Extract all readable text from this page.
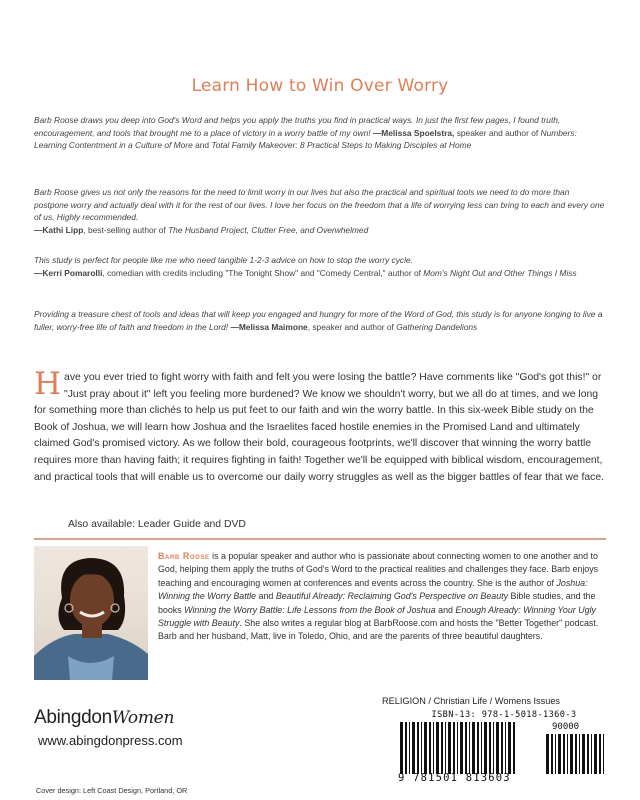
Learn How to Win Over Worry
Barb Roose draws you deep into God's Word and helps you apply the truths you find in practical ways. In just the first few pages, I found truth, encouragement, and tools that brought me to a place of victory in a worry battle of my own! —Melissa Spoelstra, speaker and author of Numbers: Learning Contentment in a Culture of More and Total Family Makeover: 8 Practical Steps to Making Disciples at Home
Barb Roose gives us not only the reasons for the need to limit worry in our lives but also the practical and spiritual tools we need to do more than postpone worry and actually deal with it for the rest of our lives. I love her focus on the freedom that a life of worrying less can bring to each and every one of us. Highly recommended.
—Kathi Lipp, best-selling author of The Husband Project, Clutter Free, and Overwhelmed
This study is perfect for people like me who need tangible 1-2-3 advice on how to stop the worry cycle.
—Kerri Pomarolli, comedian with credits including "The Tonight Show" and "Comedy Central," author of Mom's Night Out and Other Things I Miss
Providing a treasure chest of tools and ideas that will keep you engaged and hungry for more of the Word of God, this study is for anyone longing to live a fuller, worry-free life of faith and freedom in the Lord! —Melissa Maimone, speaker and author of Gathering Dandelions
Have you ever tried to fight worry with faith and felt you were losing the battle? Have comments like "God's got this!" or "Just pray about it" left you feeling more burdened? We know we shouldn't worry, but we all do at times, and we long for something more than clichés to help us put feet to our faith and win the worry battle. In this six-week Bible study on the Book of Joshua, we will learn how Joshua and the Israelites faced hostile enemies in the Promised Land and ultimately claimed God's promised victory. As we follow their bold, courageous footprints, we'll discover that winning the worry battle requires more than having faith; it requires fighting in faith! Together we'll be equipped with biblical wisdom, encouragement, and practical tools that will enable us to overcome our daily worry struggles as well as the bigger battles of fear that we face.
Also available: Leader Guide and DVD
Barb Roose is a popular speaker and author who is passionate about connecting women to one another and to God, helping them apply the truths of God's Word to the practical realities and challenges they face. Barb enjoys teaching and encouraging women at conferences and events across the country. She is the author of Joshua: Winning the Worry Battle and Beautiful Already: Reclaiming God's Perspective on Beauty Bible studies, and the books Winning the Worry Battle: Life Lessons from the Book of Joshua and Enough Already: Winning Your Ugly Struggle with Beauty. She also writes a regular blog at BarbRoose.com and hosts the "Better Together" podcast. Barb and her husband, Matt, live in Toledo, Ohio, and are the parents of three beautiful daughters.
AbingdonWomen
www.abingdonpress.com
Cover design: Left Coast Design, Portland, OR
RELIGION / Christian Life / Womens Issues
ISBN-13: 978-1-5018-1360-3
90000
9 781501 813603
